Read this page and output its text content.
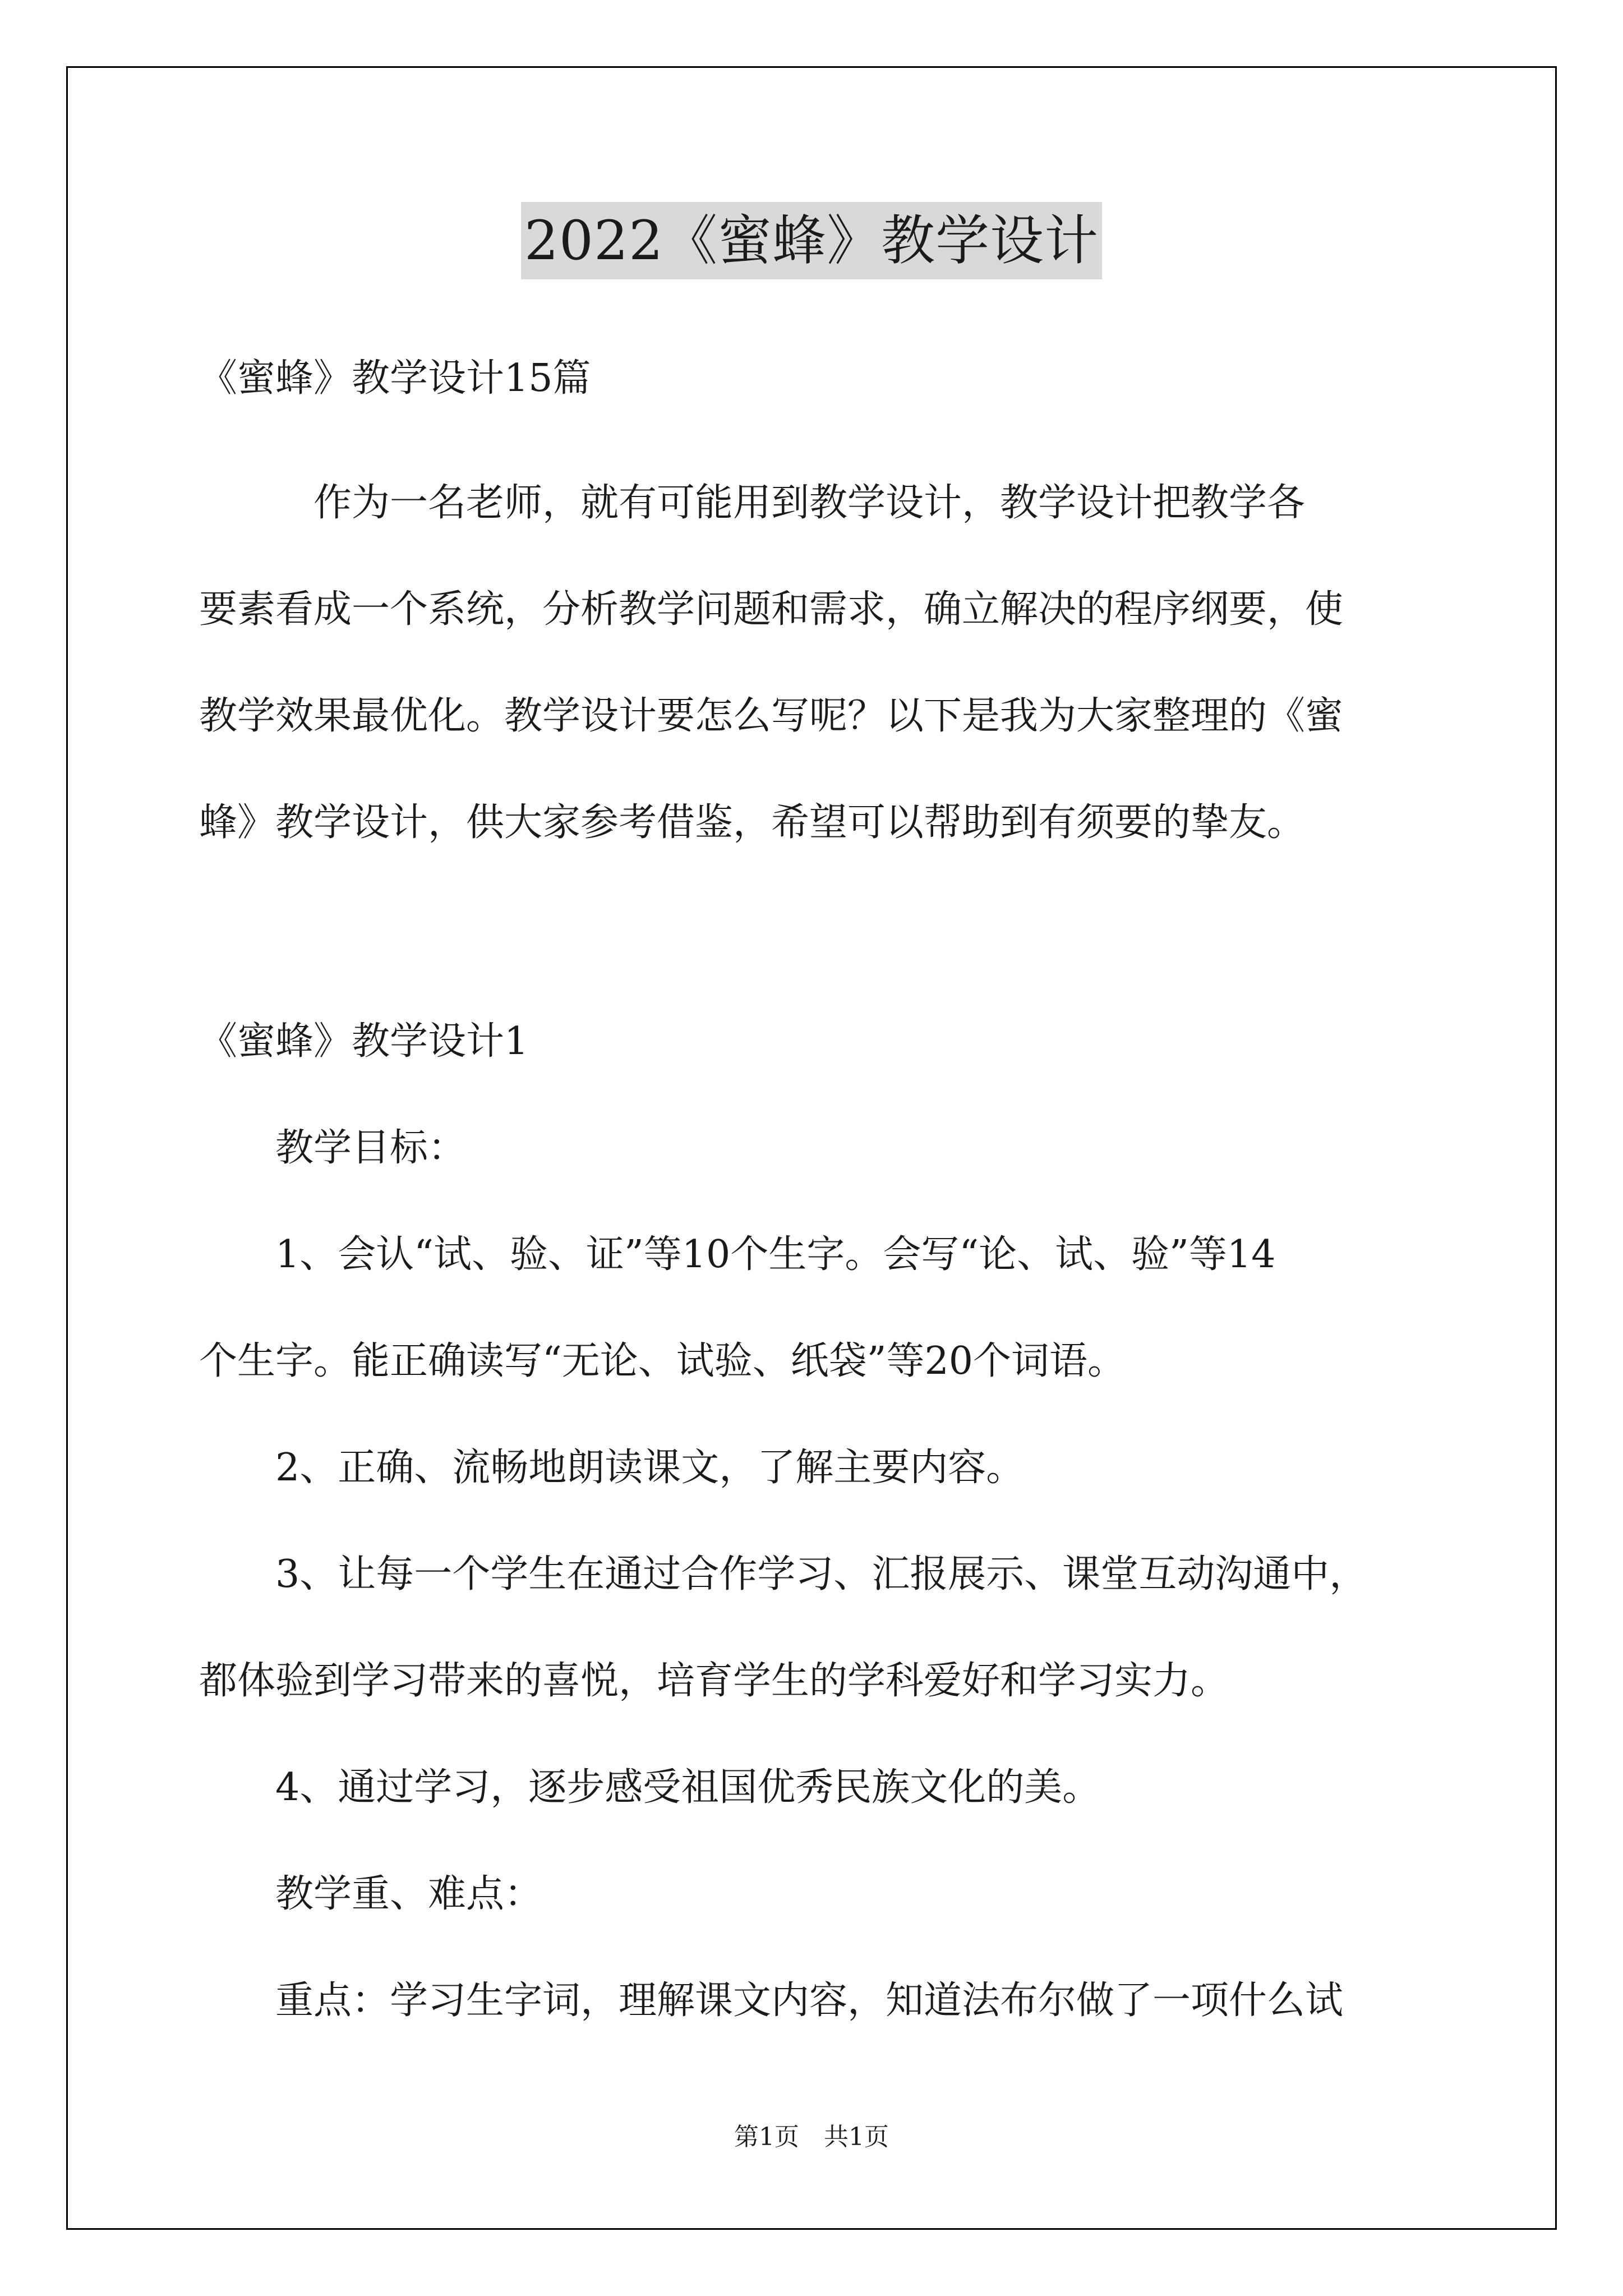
2022《蜜蜂》教学设计

《蜜蜂》教学设计15篇

　　　作为一名老师，就有可能用到教学设计，教学设计把教学各

要素看成一个系统，分析教学问题和需求，确立解决的程序纲要，使

教学效果最优化。教学设计要怎么写呢？以下是我为大家整理的《蜜

蜂》教学设计，供大家参考借鉴，希望可以帮助到有须要的挚友。

《蜜蜂》教学设计1

　　教学目标：

　　1、会认“试、验、证”等10个生字。会写“论、试、验”等14

个生字。能正确读写“无论、试验、纸袋”等20个词语。

　　2、正确、流畅地朗读课文，了解主要内容。

　　3、让每一个学生在通过合作学习、汇报展示、课堂互动沟通中，

都体验到学习带来的喜悦，培育学生的学科爱好和学习实力。

　　4、通过学习，逐步感受祖国优秀民族文化的美。

　　教学重、难点：

　　重点：学习生字词，理解课文内容，知道法布尔做了一项什么试

第1页 共1页
